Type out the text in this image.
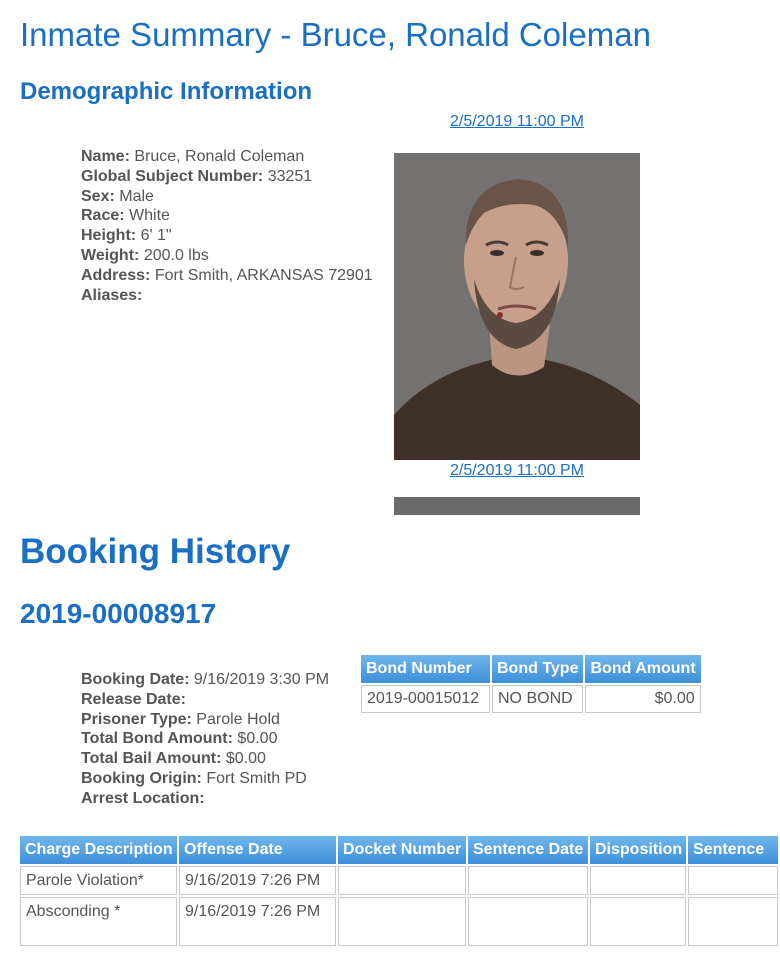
Inmate Summary - Bruce, Ronald Coleman
Demographic Information
Name: Bruce, Ronald Coleman
Global Subject Number: 33251
Sex: Male
Race: White
Height: 6' 1"
Weight: 200.0 lbs
Address: Fort Smith, ARKANSAS 72901
Aliases:
2/5/2019 11:00 PM
2/5/2019 11:00 PM
Booking History
2019-00008917
Booking Date: 9/16/2019 3:30 PM
Release Date:
Prisoner Type: Parole Hold
Total Bond Amount: $0.00
Total Bail Amount: $0.00
Booking Origin: Fort Smith PD
Arrest Location:
Bond Number	Bond Type	Bond Amount
2019-00015012	NO BOND	$0.00
Charge Description	Offense Date	Docket Number	Sentence Date	Disposition	Sentence
Parole Violation*	9/16/2019 7:26 PM				
Absconding *	9/16/2019 7:26 PM				
